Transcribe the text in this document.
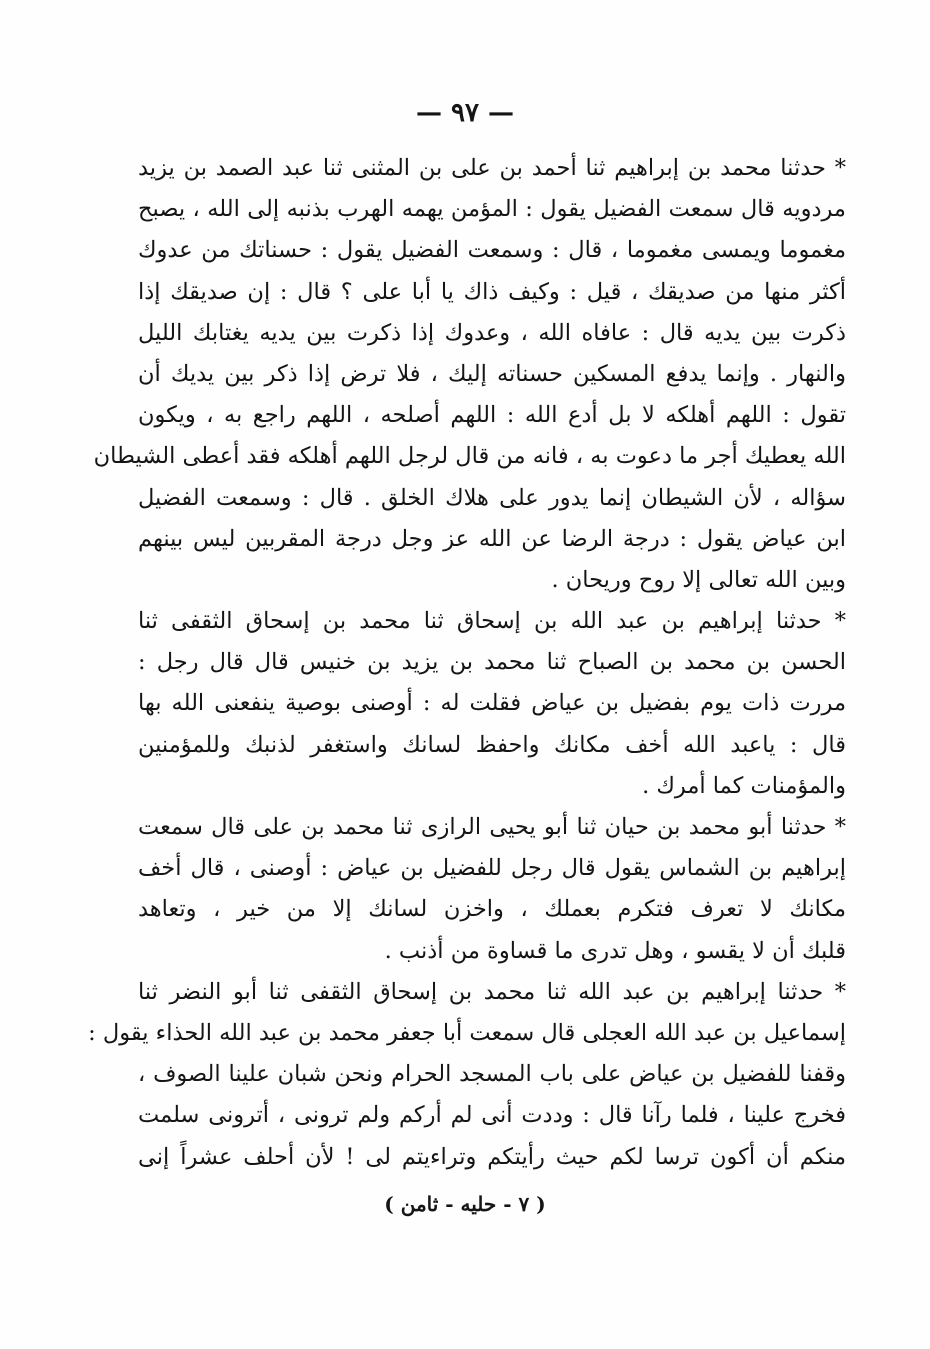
— ٩٧ —
* حدثنا محمد بن إبراهيم ثنا أحمد بن على بن المثنى ثنا عبد الصمد بن يزيد
مردويه قال سمعت الفضيل يقول : المؤمن يهمه الهرب بذنبه إلى الله ، يصبح
مغموما ويمسى مغموما ، قال : وسمعت الفضيل يقول : حسناتك من عدوك
أكثر منها من صديقك ، قيل : وكيف ذاك يا أبا على ؟ قال : إن صديقك إذا
ذكرت بين يديه قال : عافاه الله ، وعدوك إذا ذكرت بين يديه يغتابك الليل
والنهار . وإنما يدفع المسكين حسناته إليك ، فلا ترض إذا ذكر بين يديك أن
تقول : اللهم أهلكه لا بل أدع الله : اللهم أصلحه ، اللهم راجع به ، ويكون
الله يعطيك أجر ما دعوت به ، فانه من قال لرجل اللهم أهلكه فقد أعطى الشيطان
سؤاله ، لأن الشيطان إنما يدور على هلاك الخلق . قال : وسمعت الفضيل
ابن عياض يقول : درجة الرضا عن الله عز وجل درجة المقربين ليس بينهم
وبين الله تعالى إلا روح وريحان .
* حدثنا إبراهيم بن عبد الله بن إسحاق ثنا محمد بن إسحاق الثقفى ثنا
الحسن بن محمد بن الصباح ثنا محمد بن يزيد بن خنيس قال قال رجل :
مررت ذات يوم بفضيل بن عياض فقلت له : أوصنى بوصية ينفعنى الله بها
قال : ياعبد الله أخف مكانك واحفظ لسانك واستغفر لذنبك وللمؤمنين
والمؤمنات كما أمرك .
* حدثنا أبو محمد بن حيان ثنا أبو يحيى الرازى ثنا محمد بن على قال سمعت
إبراهيم بن الشماس يقول قال رجل للفضيل بن عياض : أوصنى ، قال أخف
مكانك لا تعرف فتكرم بعملك ، واخزن لسانك إلا من خير ، وتعاهد
قلبك أن لا يقسو ، وهل تدرى ما قساوة من أذنب .
* حدثنا إبراهيم بن عبد الله ثنا محمد بن إسحاق الثقفى ثنا أبو النضر ثنا
إسماعيل بن عبد الله العجلى قال سمعت أبا جعفر محمد بن عبد الله الحذاء يقول :
وقفنا للفضيل بن عياض على باب المسجد الحرام ونحن شبان علينا الصوف ،
فخرج علينا ، فلما رآنا قال : وددت أنى لم أركم ولم ترونى ، أترونى سلمت
منكم أن أكون ترسا لكم حيث رأيتكم وتراءيتم لى ! لأن أحلف عشراً إنى
( ٧ - حليه - ثامن )
